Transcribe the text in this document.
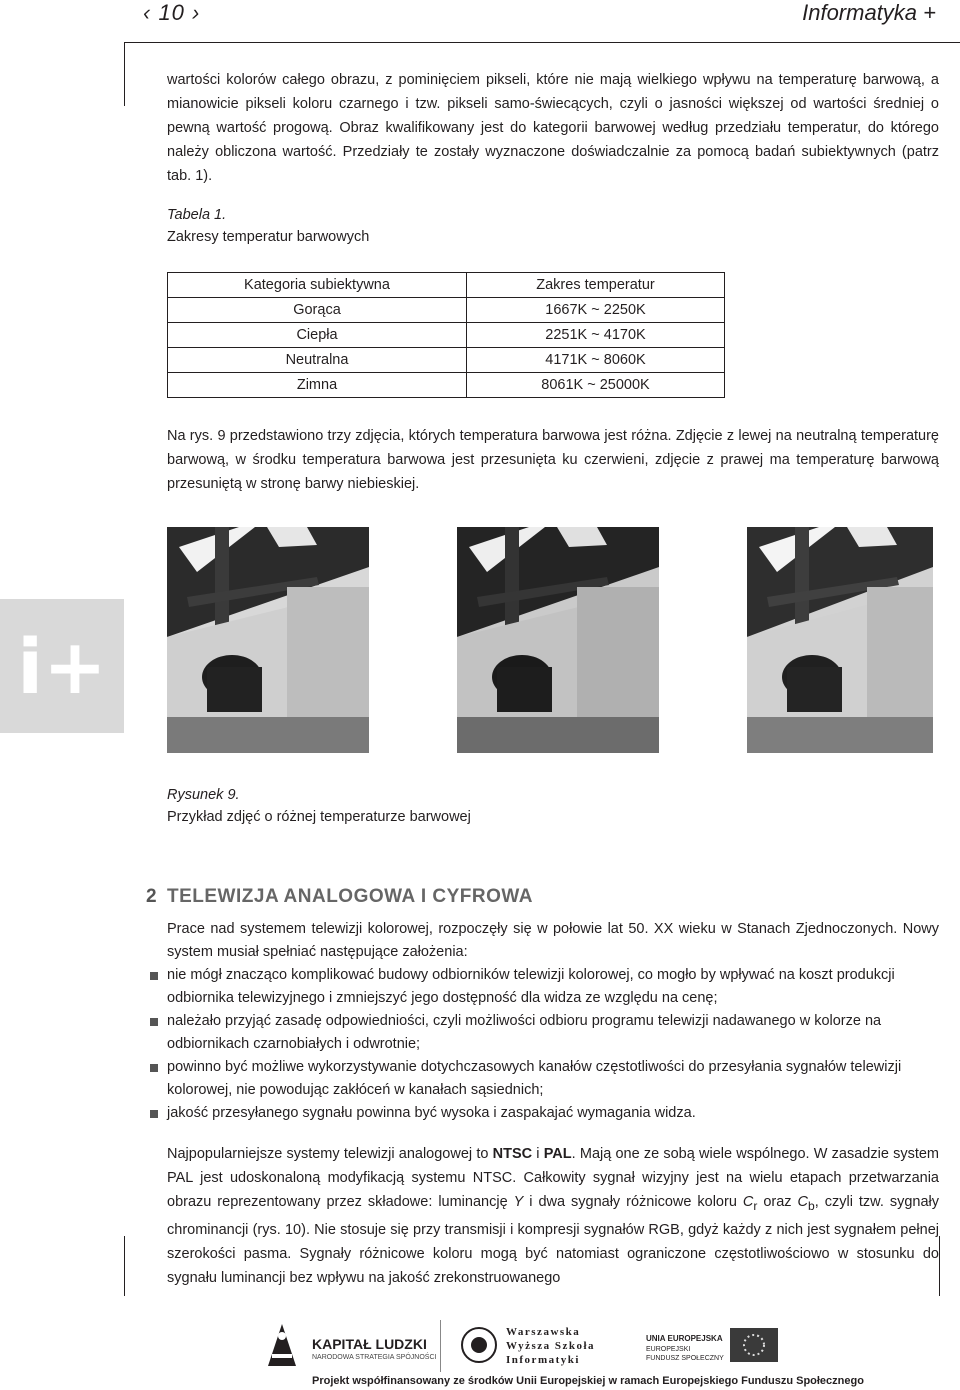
‹ 10 ›	Informatyka +

wartości kolorów całego obrazu, z pominięciem pikseli, które nie mają wielkiego wpływu na temperaturę barwową, a mianowicie pikseli koloru czarnego i tzw. pikseli samo-świecących, czyli o jasności większej od wartości średniej o pewną wartość progową. Obraz kwalifikowany jest do kategorii barwowej według przedziału temperatur, do którego należy obliczona wartość. Przedziały te zostały wyznaczone doświadczalnie za pomocą badań subiektywnych (patrz tab. 1).

Tabela 1.
Zakresy temperatur barwowych
Kategoria subiektywna	Zakres temperatur
Gorąca	1667K ~ 2250K
Ciepła	2251K ~ 4170K
Neutralna	4171K ~ 8060K
Zimna	8061K ~ 25000K

Na rys. 9 przedstawiono trzy zdjęcia, których temperatura barwowa jest różna. Zdjęcie z lewej na neutralną temperaturę barwową, w środku temperatura barwowa jest przesunięta ku czerwieni, zdjęcie z prawej ma temperaturę barwową przesuniętą w stronę barwy niebieskiej.

i+
Rysunek 9.
Przykład zdjęć o różnej temperaturze barwowej
2 TELEWIZJA ANALOGOWA I CYFROWA

Prace nad systemem telewizji kolorowej, rozpoczęły się w połowie lat 50. XX wieku w Stanach Zjednoczonych. Nowy system musiał spełniać następujące założenia:

nie mógł znacząco komplikować budowy odbiorników telewizji kolorowej, co mogło by wpływać na koszt produkcji odbiornika telewizyjnego i zmniejszyć jego dostępność dla widza ze względu na cenę;
należało przyjąć zasadę odpowiedniości, czyli możliwości odbioru programu telewizji nadawanego w kolorze na odbiornikach czarnobiałych i odwrotnie;
powinno być możliwe wykorzystywanie dotychczasowych kanałów częstotliwości do przesyłania sygnałów telewizji kolorowej, nie powodując zakłóceń w kanałach sąsiednich;
jakość przesyłanego sygnału powinna być wysoka i zaspakajać wymagania widza.

Najpopularniejsze systemy telewizji analogowej to NTSC i PAL. Mają one ze sobą wiele wspólnego. W zasadzie system PAL jest udoskonaloną modyfikacją systemu NTSC. Całkowity sygnał wizyjny jest na wielu etapach przetwarzania obrazu reprezentowany przez składowe: luminancję Y i dwa sygnały różnicowe koloru $C_r$ oraz $C_b$, czyli tzw. sygnały chrominancji (rys. 10). Nie stosuje się przy transmisji i kompresji sygnałów RGB, gdyż każdy z nich jest sygnałem pełnej szerokości pasma. Sygnały różnicowe koloru mogą być natomiast ograniczone częstotliwościowo w stosunku do sygnału luminancji bez wpływu na jakość zrekonstruowanego

KAPITAŁ LUDZKI
NARODOWA STRATEGIA SPÓJNOŚCI
Warszawska
Wyższa Szkoła
Informatyki
UNIA EUROPEJSKA
EUROPEJSKI
FUNDUSZ SPOŁECZNY
Projekt współfinansowany ze środków Unii Europejskiej w ramach Europejskiego Funduszu Społecznego
